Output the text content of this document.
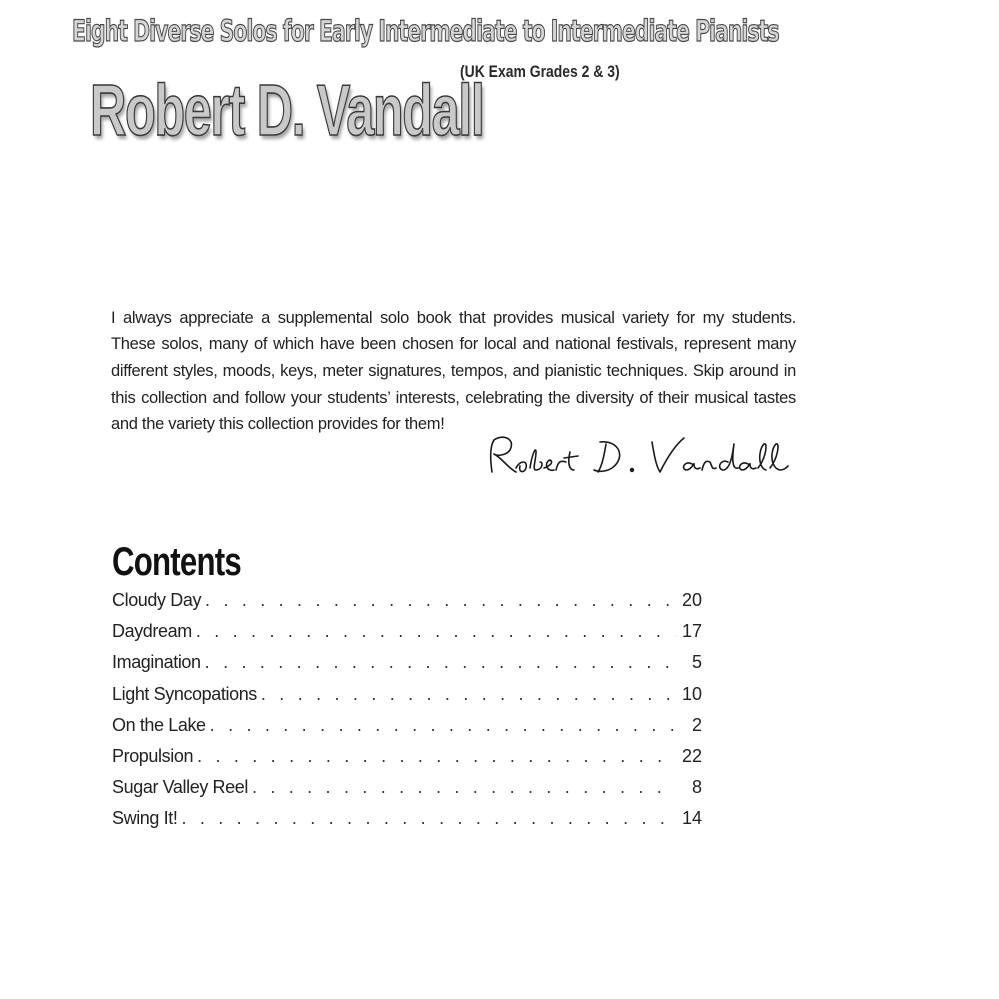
Eight Diverse Solos for Early Intermediate to Intermediate Pianists
(UK Exam Grades 2 & 3)
Robert D. Vandall

I always appreciate a supplemental solo book that provides musical variety for my students. These solos, many of which have been chosen for local and national festivals, represent many different styles, moods, keys, meter signatures, tempos, and pianistic techniques. Skip around in this collection and follow your students’ interests, celebrating the diversity of their musical tastes and the variety this collection provides for them!

Contents
Cloudy Day . . .	20
Daydream . . .	17
Imagination . . .	5
Light Syncopations . . .	10
On the Lake . . .	2
Propulsion . . .	22
Sugar Valley Reel . . .	8
Swing It! . . .	14
